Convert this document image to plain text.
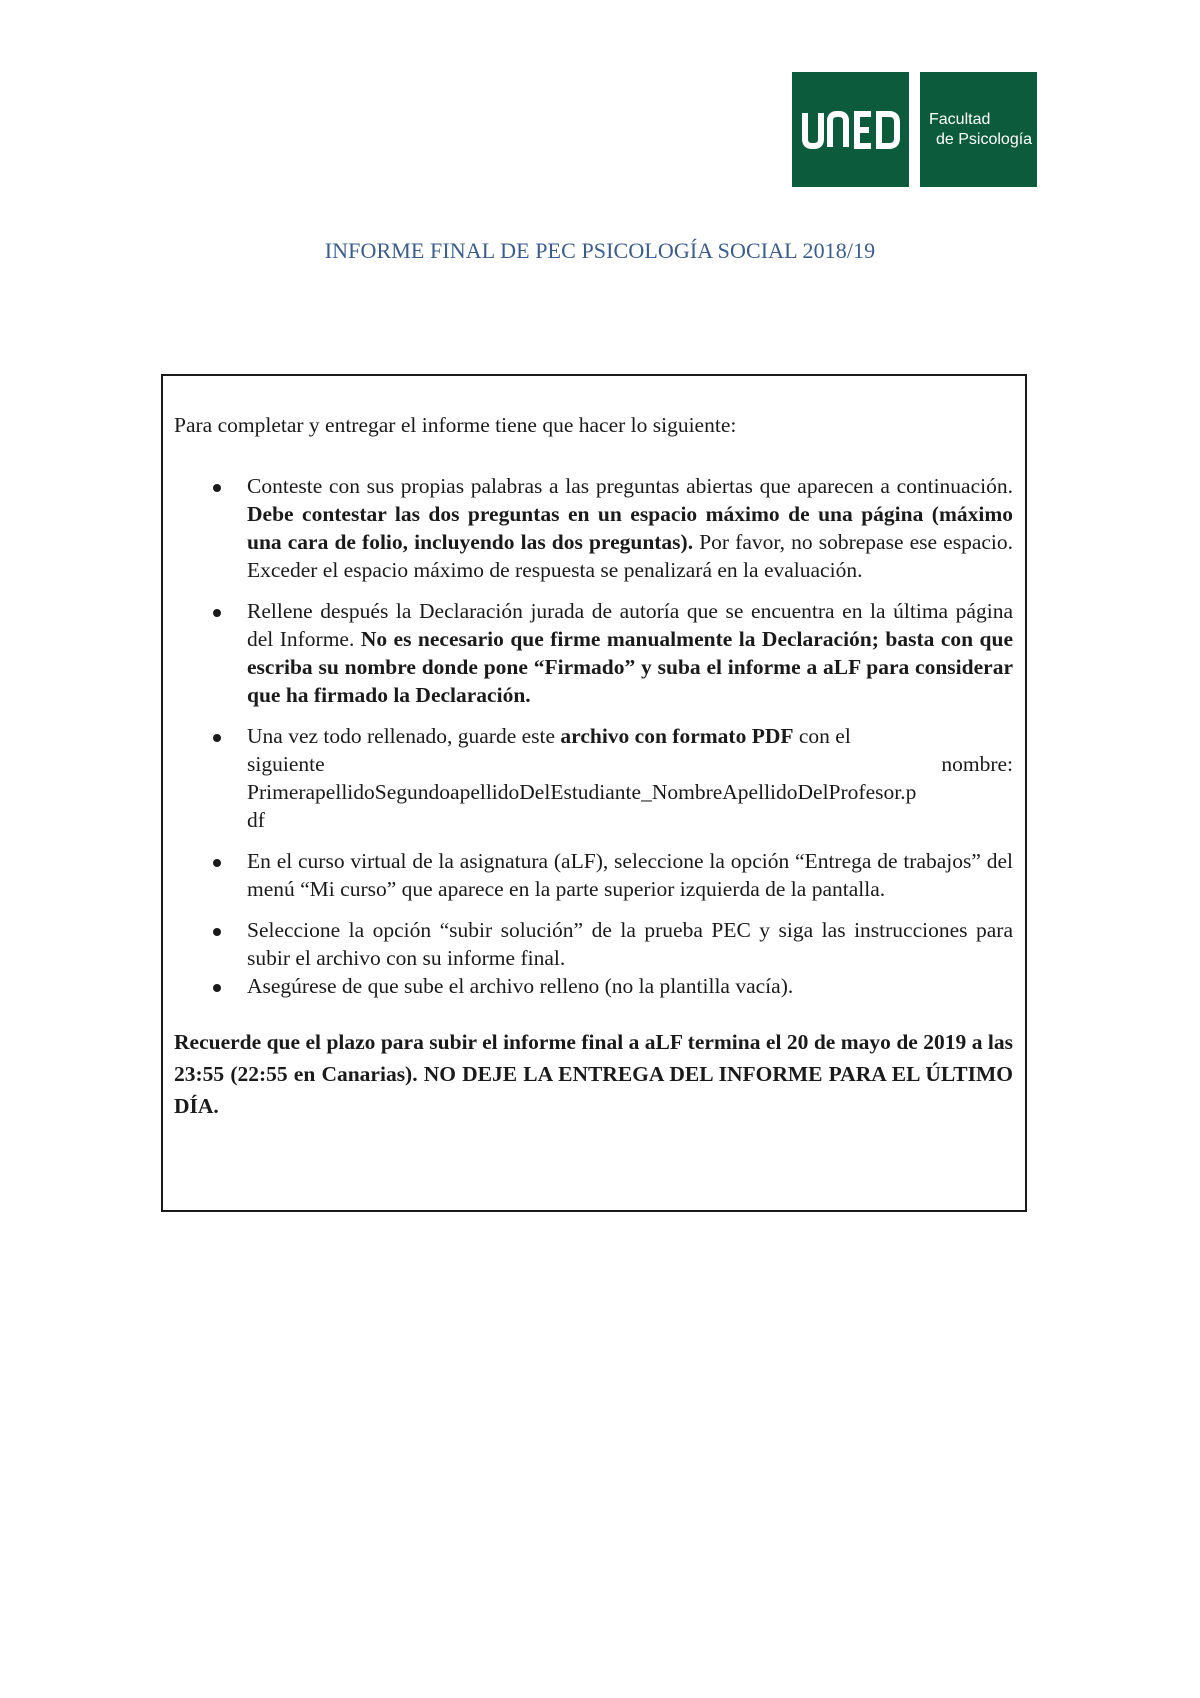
Facultad
de Psicología
INFORME FINAL DE PEC PSICOLOGÍA SOCIAL 2018/19

Para completar y entregar el informe tiene que hacer lo siguiente:

Conteste con sus propias palabras a las preguntas abiertas que aparecen a continuación. Debe contestar las dos preguntas en un espacio máximo de una página (máximo una cara de folio, incluyendo las dos preguntas). Por favor, no sobrepase ese espacio. Exceder el espacio máximo de respuesta se penalizará en la evaluación.
Rellene después la Declaración jurada de autoría que se encuentra en la última página del Informe. No es necesario que firme manualmente la Declaración; basta con que escriba su nombre donde pone “Firmado” y suba el informe a aLF para considerar que ha firmado la Declaración.
Una vez todo rellenado, guarde este archivo con formato PDF con el
siguiente	nombre:
PrimerapellidoSegundoapellidoDelEstudiante_NombreApellidoDelProfesor.p
df
En el curso virtual de la asignatura (aLF), seleccione la opción “Entrega de trabajos” del menú “Mi curso” que aparece en la parte superior izquierda de la pantalla.
Seleccione la opción “subir solución” de la prueba PEC y siga las instrucciones para subir el archivo con su informe final.
Asegúrese de que sube el archivo relleno (no la plantilla vacía).

Recuerde que el plazo para subir el informe final a aLF termina el 20 de mayo de 2019 a las 23:55 (22:55 en Canarias). NO DEJE LA ENTREGA DEL INFORME PARA EL ÚLTIMO DÍA.
